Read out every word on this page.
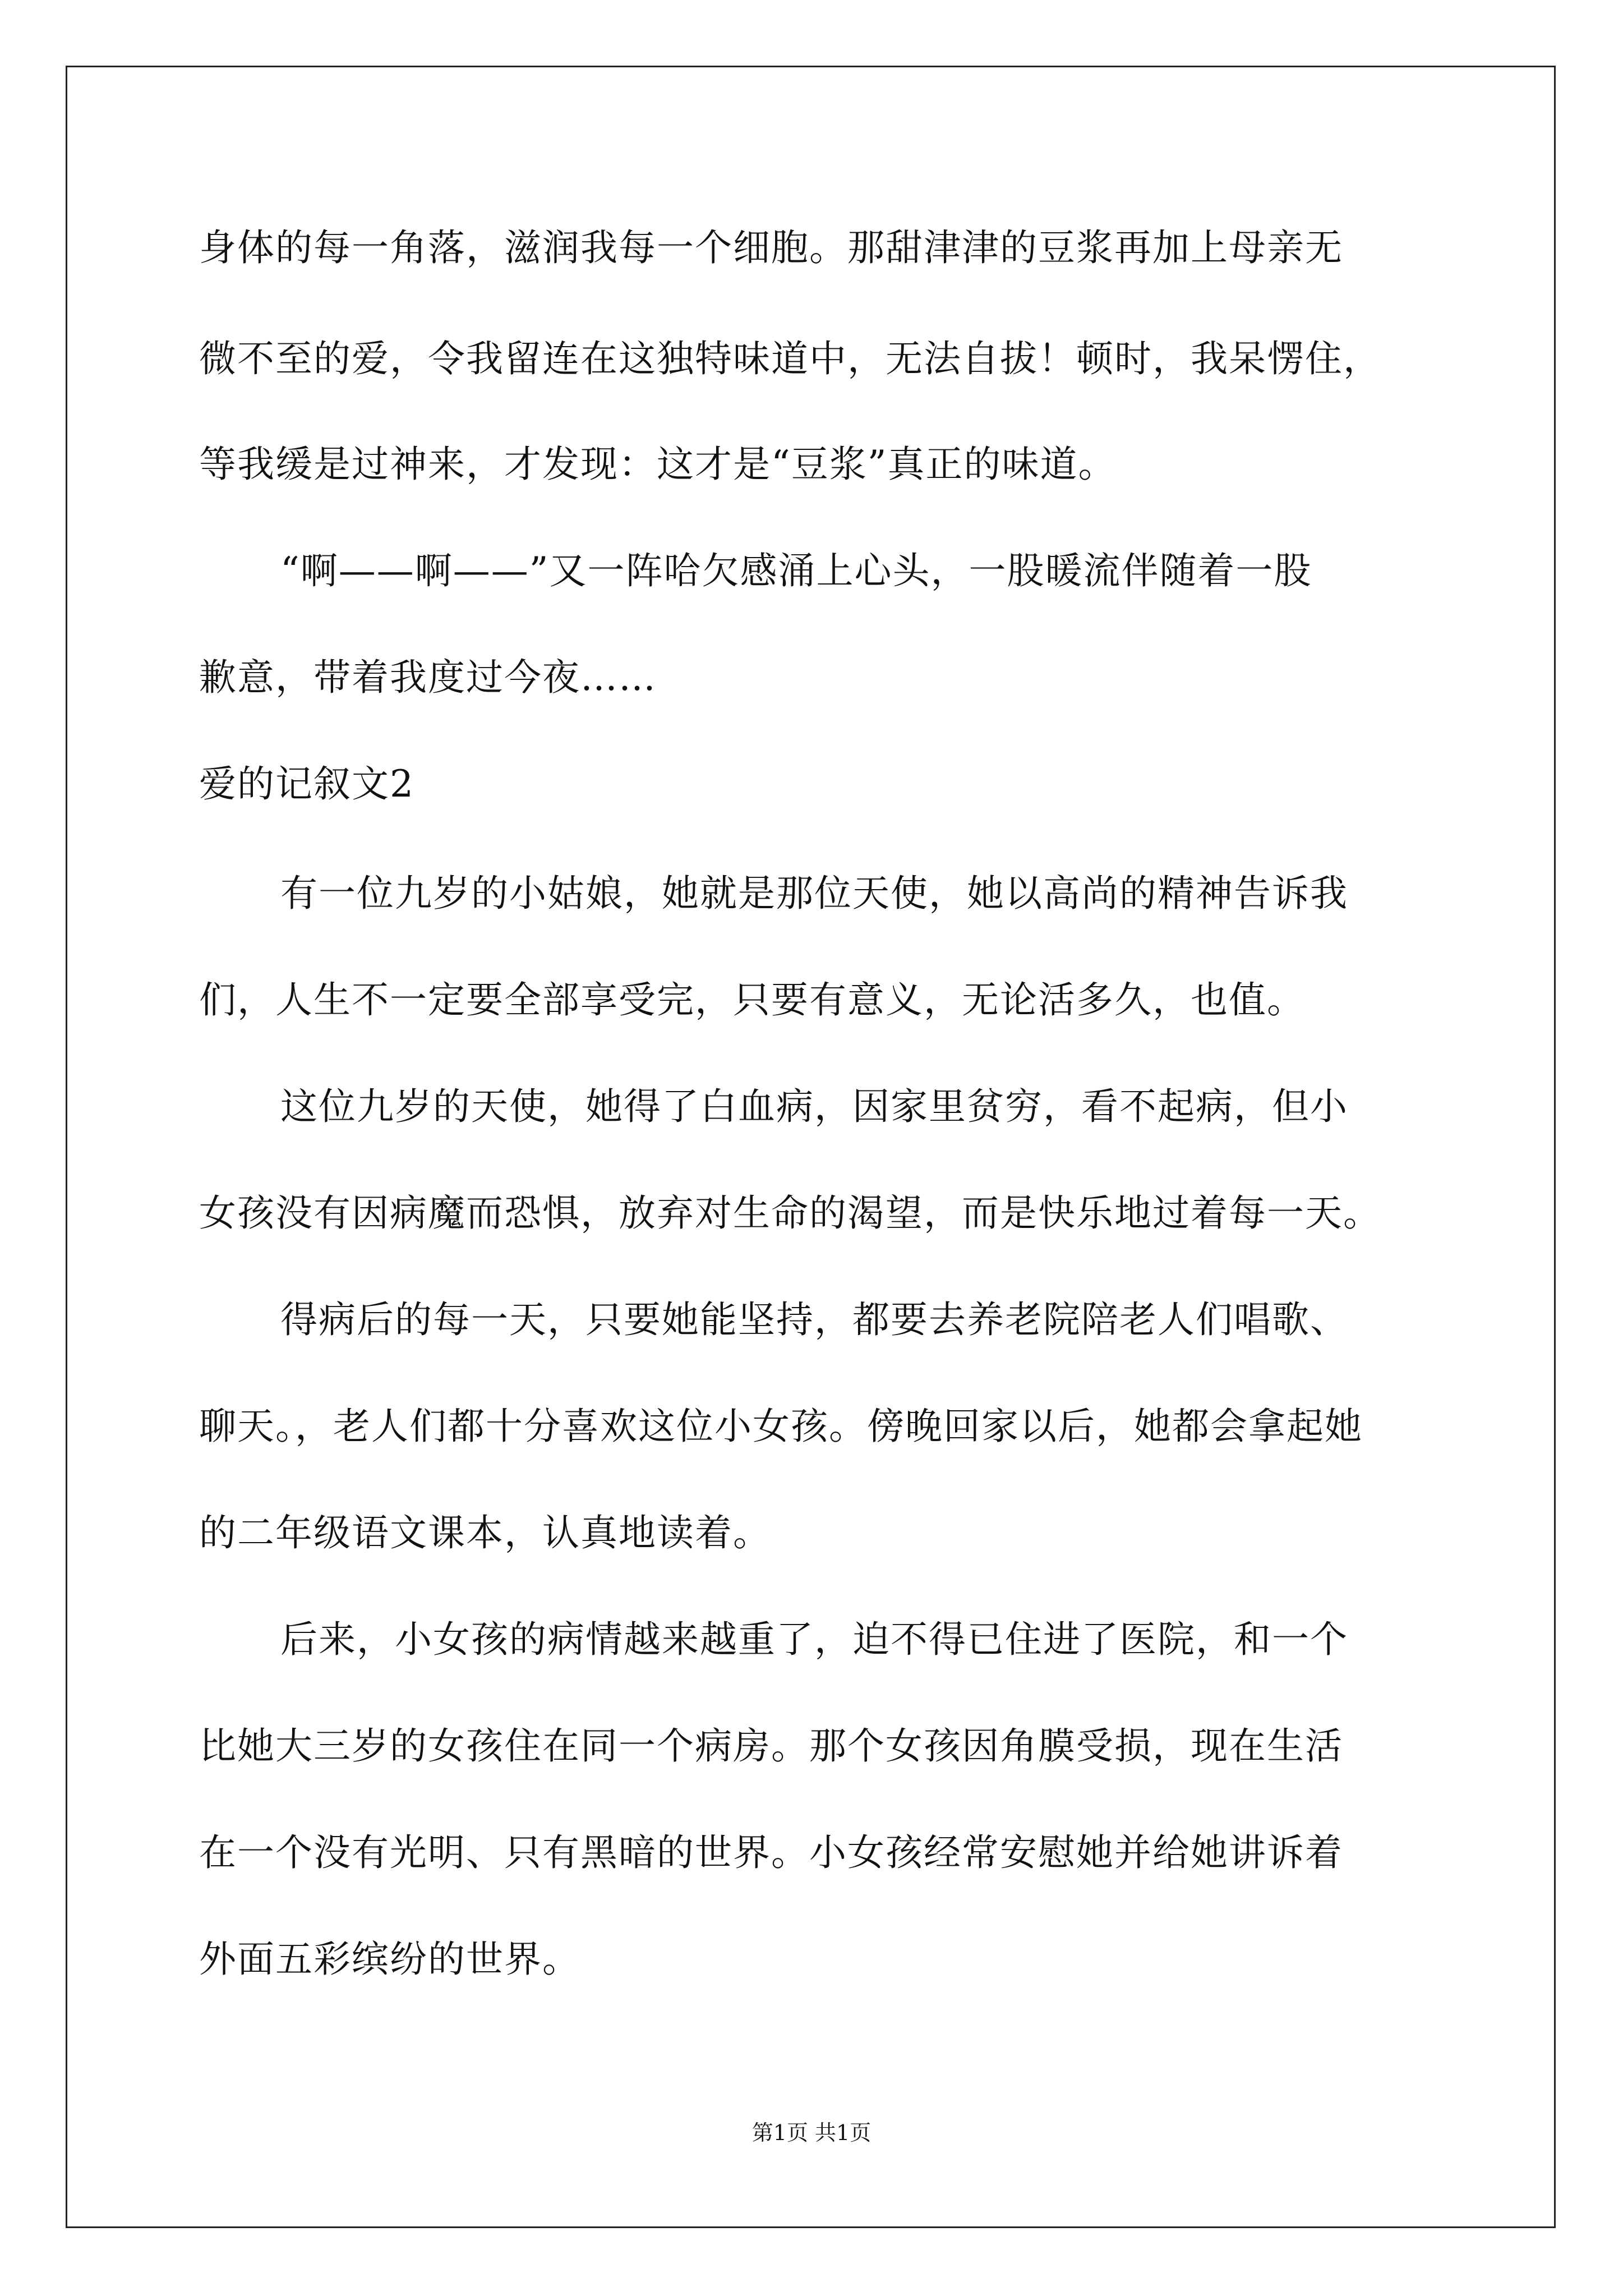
身体的每一角落，滋润我每一个细胞。那甜津津的豆浆再加上母亲无
微不至的爱，令我留连在这独特味道中，无法自拔！顿时，我呆愣住，
等我缓是过神来，才发现：这才是“豆浆”真正的味道。
“啊——啊——”又一阵哈欠感涌上心头，一股暖流伴随着一股
歉意，带着我度过今夜……
爱的记叙文2
有一位九岁的小姑娘，她就是那位天使，她以高尚的精神告诉我
们，人生不一定要全部享受完，只要有意义，无论活多久，也值。
这位九岁的天使，她得了白血病，因家里贫穷，看不起病，但小
女孩没有因病魔而恐惧，放弃对生命的渴望，而是快乐地过着每一天。
得病后的每一天，只要她能坚持，都要去养老院陪老人们唱歌、
聊天。，老人们都十分喜欢这位小女孩。傍晚回家以后，她都会拿起她
的二年级语文课本，认真地读着。
后来，小女孩的病情越来越重了，迫不得已住进了医院，和一个
比她大三岁的女孩住在同一个病房。那个女孩因角膜受损，现在生活
在一个没有光明、只有黑暗的世界。小女孩经常安慰她并给她讲诉着
外面五彩缤纷的世界。
第1页 共1页
